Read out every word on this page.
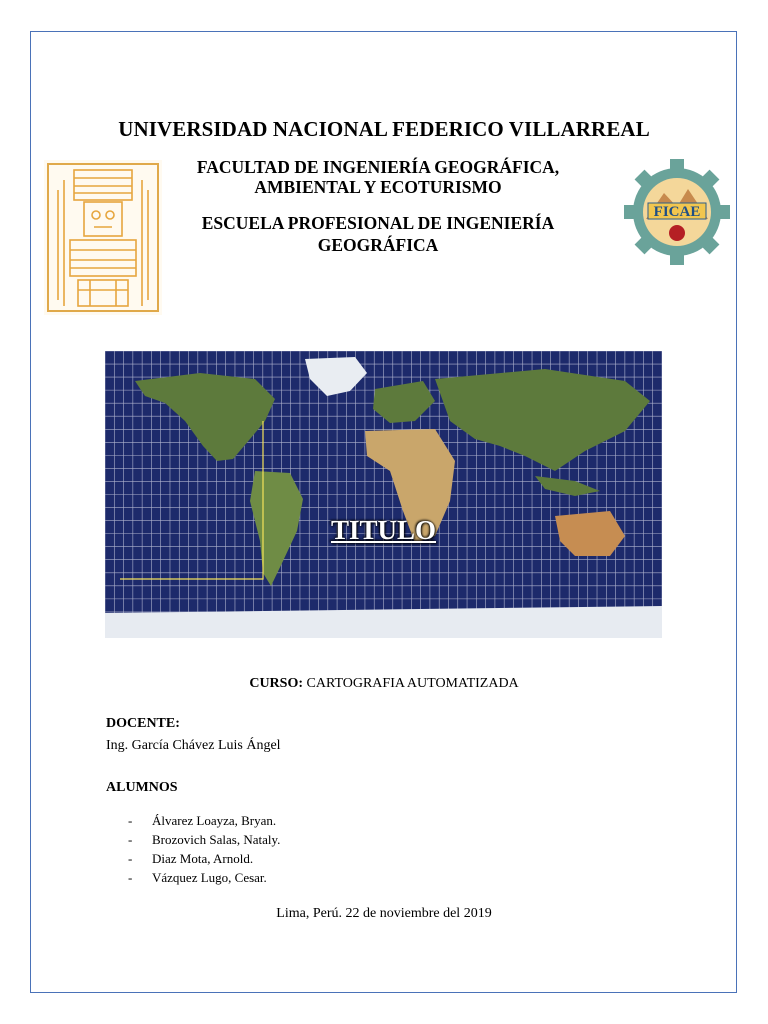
UNIVERSIDAD NACIONAL FEDERICO VILLARREAL
FACULTAD DE INGENIERÍA GEOGRÁFICA,
AMBIENTAL Y ECOTURISMO
ESCUELA PROFESIONAL DE INGENIERÍA
GEOGRÁFICA
FICAE
TITULO
CURSO: CARTOGRAFIA AUTOMATIZADA
DOCENTE:
Ing. García Chávez Luis Ángel
ALUMNOS
-	Álvarez Loayza, Bryan.
-	Brozovich Salas, Nataly.
-	Diaz Mota, Arnold.
-	Vázquez Lugo, Cesar.
Lima, Perú. 22 de noviembre del 2019
